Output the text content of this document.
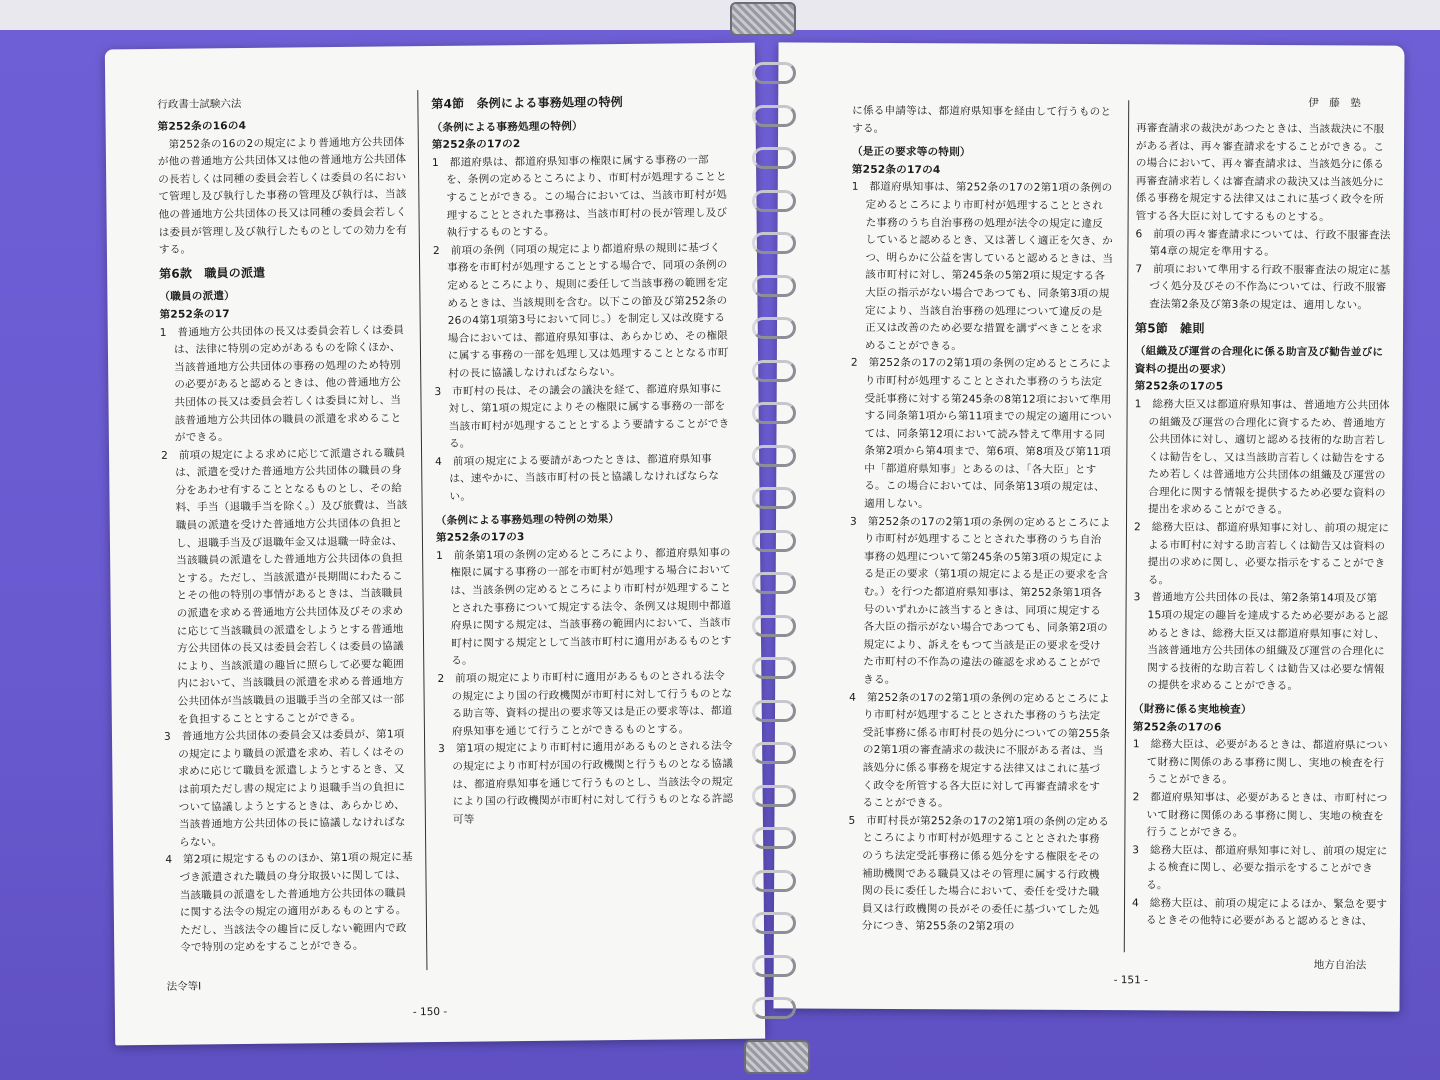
行政書士試験六法

第252条の16の4

　第252条の16の2の規定により普通地方公共団体が他の普通地方公共団体又は他の普通地方公共団体の長若しくは同種の委員会若しくは委員の名において管理し及び執行した事務の管理及び執行は、当該他の普通地方公共団体の長又は同種の委員会若しくは委員が管理し及び執行したものとしての効力を有する。

第6款　職員の派遣

（職員の派遣）

第252条の17

1　普通地方公共団体の長又は委員会若しくは委員は、法律に特別の定めがあるものを除くほか、当該普通地方公共団体の事務の処理のため特別の必要があると認めるときは、他の普通地方公共団体の長又は委員会若しくは委員に対し、当該普通地方公共団体の職員の派遣を求めることができる。

2　前項の規定による求めに応じて派遣される職員は、派遣を受けた普通地方公共団体の職員の身分をあわせ有することとなるものとし、その給料、手当（退職手当を除く。）及び旅費は、当該職員の派遣を受けた普通地方公共団体の負担とし、退職手当及び退職年金又は退職一時金は、当該職員の派遣をした普通地方公共団体の負担とする。ただし、当該派遣が長期間にわたることその他の特別の事情があるときは、当該職員の派遣を求める普通地方公共団体及びその求めに応じて当該職員の派遣をしようとする普通地方公共団体の長又は委員会若しくは委員の協議により、当該派遣の趣旨に照らして必要な範囲内において、当該職員の派遣を求める普通地方公共団体が当該職員の退職手当の全部又は一部を負担することとすることができる。

3　普通地方公共団体の委員会又は委員が、第1項の規定により職員の派遣を求め、若しくはその求めに応じて職員を派遣しようとするとき、又は前項ただし書の規定により退職手当の負担について協議しようとするときは、あらかじめ、当該普通地方公共団体の長に協議しなければならない。

4　第2項に規定するもののほか、第1項の規定に基づき派遣された職員の身分取扱いに関しては、当該職員の派遣をした普通地方公共団体の職員に関する法令の規定の適用があるものとする。ただし、当該法令の趣旨に反しない範囲内で政令で特別の定めをすることができる。

第4節　条例による事務処理の特例

（条例による事務処理の特例）

第252条の17の2

1　都道府県は、都道府県知事の権限に属する事務の一部を、条例の定めるところにより、市町村が処理することとすることができる。この場合においては、当該市町村が処理することとされた事務は、当該市町村の長が管理し及び執行するものとする。

2　前項の条例（同項の規定により都道府県の規則に基づく事務を市町村が処理することとする場合で、同項の条例の定めるところにより、規則に委任して当該事務の範囲を定めるときは、当該規則を含む。以下この節及び第252条の26の4第1項第3号において同じ。）を制定し又は改廃する場合においては、都道府県知事は、あらかじめ、その権限に属する事務の一部を処理し又は処理することとなる市町村の長に協議しなければならない。

3　市町村の長は、その議会の議決を経て、都道府県知事に対し、第1項の規定によりその権限に属する事務の一部を当該市町村が処理することとするよう要請することができる。

4　前項の規定による要請があつたときは、都道府県知事は、速やかに、当該市町村の長と協議しなければならない。

（条例による事務処理の特例の効果）

第252条の17の3

1　前条第1項の条例の定めるところにより、都道府県知事の権限に属する事務の一部を市町村が処理する場合においては、当該条例の定めるところにより市町村が処理することとされた事務について規定する法令、条例又は規則中都道府県に関する規定は、当該事務の範囲内において、当該市町村に関する規定として当該市町村に適用があるものとする。

2　前項の規定により市町村に適用があるものとされる法令の規定により国の行政機関が市町村に対して行うものとなる助言等、資料の提出の要求等又は是正の要求等は、都道府県知事を通じて行うことができるものとする。

3　第1項の規定により市町村に適用があるものとされる法令の規定により市町村が国の行政機関と行うものとなる協議は、都道府県知事を通じて行うものとし、当該法令の規定により国の行政機関が市町村に対して行うものとなる許認可等

法令等Ⅰ
- 150 -

に係る申請等は、都道府県知事を経由して行うものとする。

（是正の要求等の特則）

第252条の17の4

1　都道府県知事は、第252条の17の2第1項の条例の定めるところにより市町村が処理することとされた事務のうち自治事務の処理が法令の規定に違反していると認めるとき、又は著しく適正を欠き、かつ、明らかに公益を害していると認めるときは、当該市町村に対し、第245条の5第2項に規定する各大臣の指示がない場合であつても、同条第3項の規定により、当該自治事務の処理について違反の是正又は改善のため必要な措置を講ずべきことを求めることができる。

2　第252条の17の2第1項の条例の定めるところにより市町村が処理することとされた事務のうち法定受託事務に対する第245条の8第12項において準用する同条第1項から第11項までの規定の適用については、同条第12項において読み替えて準用する同条第2項から第4項まで、第6項、第8項及び第11項中「都道府県知事」とあるのは、「各大臣」とする。この場合においては、同条第13項の規定は、適用しない。

3　第252条の17の2第1項の条例の定めるところにより市町村が処理することとされた事務のうち自治事務の処理について第245条の5第3項の規定による是正の要求（第1項の規定による是正の要求を含む。）を行つた都道府県知事は、第252条第1項各号のいずれかに該当するときは、同項に規定する各大臣の指示がない場合であつても、同条第2項の規定により、訴えをもつて当該是正の要求を受けた市町村の不作為の違法の確認を求めることができる。

4　第252条の17の2第1項の条例の定めるところにより市町村が処理することとされた事務のうち法定受託事務に係る市町村長の処分についての第255条の2第1項の審査請求の裁決に不服がある者は、当該処分に係る事務を規定する法律又はこれに基づく政令を所管する各大臣に対して再審査請求をすることができる。

5　市町村長が第252条の17の2第1項の条例の定めるところにより市町村が処理することとされた事務のうち法定受託事務に係る処分をする権限をその補助機関である職員又はその管理に属する行政機関の長に委任した場合において、委任を受けた職員又は行政機関の長がその委任に基づいてした処分につき、第255条の2第2項の

伊　藤　塾

再審査請求の裁決があつたときは、当該裁決に不服がある者は、再々審査請求をすることができる。この場合において、再々審査請求は、当該処分に係る再審査請求若しくは審査請求の裁決又は当該処分に係る事務を規定する法律又はこれに基づく政令を所管する各大臣に対してするものとする。

6　前項の再々審査請求については、行政不服審査法第4章の規定を準用する。

7　前項において準用する行政不服審査法の規定に基づく処分及びその不作為については、行政不服審査法第2条及び第3条の規定は、適用しない。

第5節　雑則

（組織及び運営の合理化に係る助言及び勧告並びに資料の提出の要求）

第252条の17の5

1　総務大臣又は都道府県知事は、普通地方公共団体の組織及び運営の合理化に資するため、普通地方公共団体に対し、適切と認める技術的な助言若しくは勧告をし、又は当該助言若しくは勧告をするため若しくは普通地方公共団体の組織及び運営の合理化に関する情報を提供するため必要な資料の提出を求めることができる。

2　総務大臣は、都道府県知事に対し、前項の規定による市町村に対する助言若しくは勧告又は資料の提出の求めに関し、必要な指示をすることができる。

3　普通地方公共団体の長は、第2条第14項及び第15項の規定の趣旨を達成するため必要があると認めるときは、総務大臣又は都道府県知事に対し、当該普通地方公共団体の組織及び運営の合理化に関する技術的な助言若しくは勧告又は必要な情報の提供を求めることができる。

（財務に係る実地検査）

第252条の17の6

1　総務大臣は、必要があるときは、都道府県について財務に関係のある事務に関し、実地の検査を行うことができる。

2　都道府県知事は、必要があるときは、市町村について財務に関係のある事務に関し、実地の検査を行うことができる。

3　総務大臣は、都道府県知事に対し、前項の規定による検査に関し、必要な指示をすることができる。

4　総務大臣は、前項の規定によるほか、緊急を要するときその他特に必要があると認めるときは、

地方自治法
- 151 -
